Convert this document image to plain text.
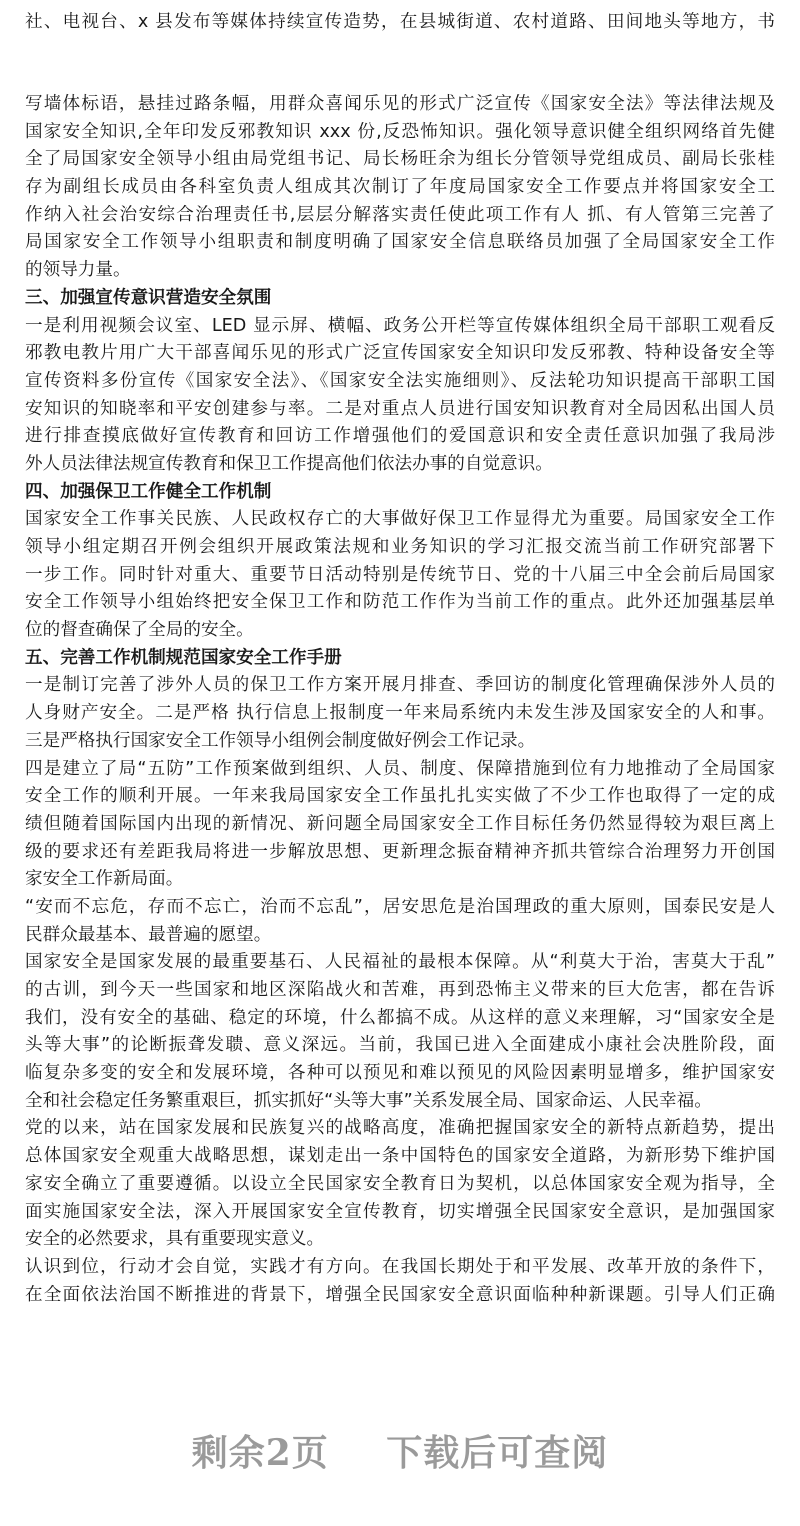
社、电视台、x 县发布等媒体持续宣传造势，在县城街道、农村道路、田间地头等地方，书
写墙体标语，悬挂过路条幅，用群众喜闻乐见的形式广泛宣传《国家安全法》等法律法规及
国家安全知识,全年印发反邪教知识 xxx 份,反恐怖知识。强化领导意识健全组织网络首先健
全了局国家安全领导小组由局党组书记、局长杨旺余为组长分管领导党组成员、副局长张桂
存为副组长成员由各科室负责人组成其次制订了年度局国家安全工作要点并将国家安全工
作纳入社会治安综合治理责任书,层层分解落实责任使此项工作有人 抓、有人管第三完善了
局国家安全工作领导小组职责和制度明确了国家安全信息联络员加强了全局国家安全工作
的领导力量。
三、加强宣传意识营造安全氛围
一是利用视频会议室、LED 显示屏、横幅、政务公开栏等宣传媒体组织全局干部职工观看反
邪教电教片用广大干部喜闻乐见的形式广泛宣传国家安全知识印发反邪教、特种设备安全等
宣传资料多份宣传《国家安全法》、《国家安全法实施细则》、反法轮功知识提高干部职工国
安知识的知晓率和平安创建参与率。二是对重点人员进行国安知识教育对全局因私出国人员
进行排查摸底做好宣传教育和回访工作增强他们的爱国意识和安全责任意识加强了我局涉
外人员法律法规宣传教育和保卫工作提高他们依法办事的自觉意识。
四、加强保卫工作健全工作机制
国家安全工作事关民族、人民政权存亡的大事做好保卫工作显得尤为重要。局国家安全工作
领导小组定期召开例会组织开展政策法规和业务知识的学习汇报交流当前工作研究部署下
一步工作。同时针对重大、重要节日活动特别是传统节日、党的十八届三中全会前后局国家
安全工作领导小组始终把安全保卫工作和防范工作作为当前工作的重点。此外还加强基层单
位的督查确保了全局的安全。
五、完善工作机制规范国家安全工作手册
一是制订完善了涉外人员的保卫工作方案开展月排查、季回访的制度化管理确保涉外人员的
人身财产安全。二是严格 执行信息上报制度一年来局系统内未发生涉及国家安全的人和事。
三是严格执行国家安全工作领导小组例会制度做好例会工作记录。
四是建立了局“五防”工作预案做到组织、人员、制度、保障措施到位有力地推动了全局国家
安全工作的顺利开展。一年来我局国家安全工作虽扎扎实实做了不少工作也取得了一定的成
绩但随着国际国内出现的新情况、新问题全局国家安全工作目标任务仍然显得较为艰巨离上
级的要求还有差距我局将进一步解放思想、更新理念振奋精神齐抓共管综合治理努力开创国
家安全工作新局面。
“安而不忘危，存而不忘亡，治而不忘乱”，居安思危是治国理政的重大原则，国泰民安是人
民群众最基本、最普遍的愿望。
国家安全是国家发展的最重要基石、人民福祉的最根本保障。从“利莫大于治，害莫大于乱”
的古训，到今天一些国家和地区深陷战火和苦难，再到恐怖主义带来的巨大危害，都在告诉
我们，没有安全的基础、稳定的环境，什么都搞不成。从这样的意义来理解，习“国家安全是
头等大事”的论断振聋发聩、意义深远。当前，我国已进入全面建成小康社会决胜阶段，面
临复杂多变的安全和发展环境，各种可以预见和难以预见的风险因素明显增多，维护国家安
全和社会稳定任务繁重艰巨，抓实抓好“头等大事”关系发展全局、国家命运、人民幸福。
党的以来，站在国家发展和民族复兴的战略高度，准确把握国家安全的新特点新趋势，提出
总体国家安全观重大战略思想，谋划走出一条中国特色的国家安全道路，为新形势下维护国
家安全确立了重要遵循。以设立全民国家安全教育日为契机，以总体国家安全观为指导，全
面实施国家安全法，深入开展国家安全宣传教育，切实增强全民国家安全意识，是加强国家
安全的必然要求，具有重要现实意义。
认识到位，行动才会自觉，实践才有方向。在我国长期处于和平发展、改革开放的条件下，
在全面依法治国不断推进的背景下，增强全民国家安全意识面临种种新课题。引导人们正确
剩余2页 下载后可查阅
